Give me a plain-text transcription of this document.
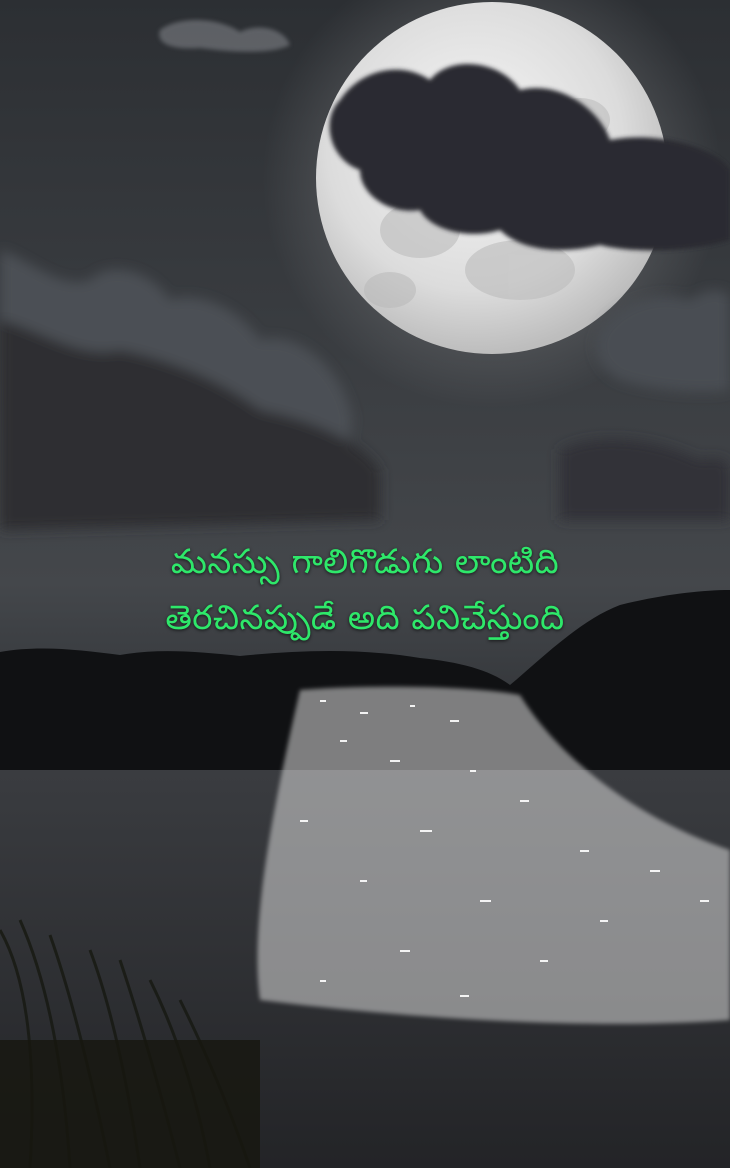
మనస్సు గాలిగొడుగు లాంటిది
తెరచినప్పుడే అది పనిచేస్తుంది
